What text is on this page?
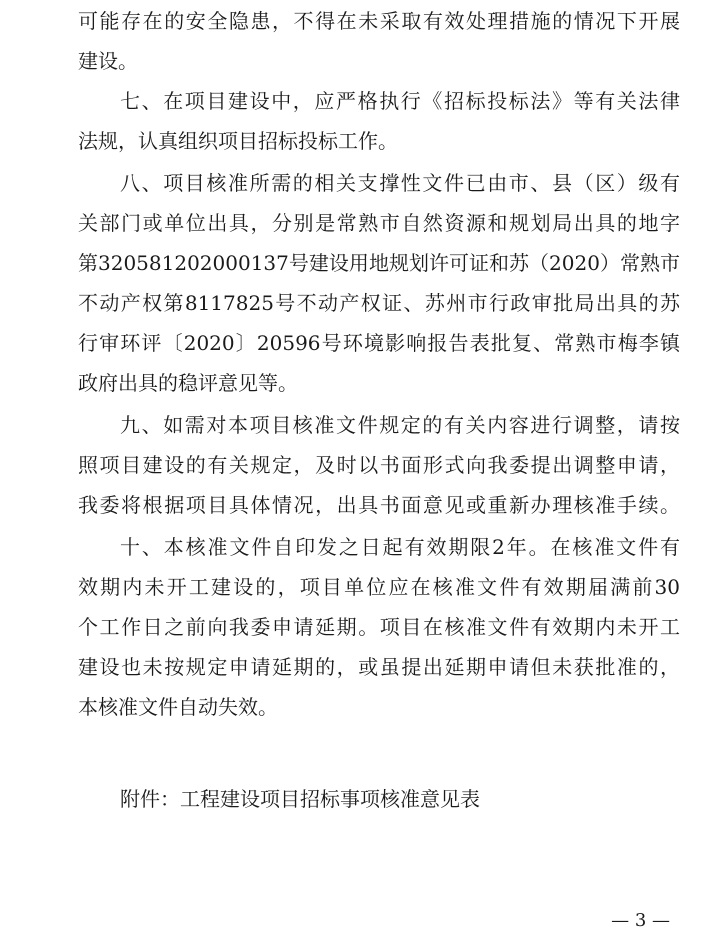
可能存在的安全隐患，不得在未采取有效处理措施的情况下开展
建设。
七、在项目建设中，应严格执行《招标投标法》等有关法律
法规，认真组织项目招标投标工作。
八、项目核准所需的相关支撑性文件已由市、县（区）级有
关部门或单位出具，分别是常熟市自然资源和规划局出具的地字
第320581202000137号建设用地规划许可证和苏（2020）常熟市
不动产权第8117825号不动产权证、苏州市行政审批局出具的苏
行审环评〔2020〕20596号环境影响报告表批复、常熟市梅李镇
政府出具的稳评意见等。
九、如需对本项目核准文件规定的有关内容进行调整，请按
照项目建设的有关规定，及时以书面形式向我委提出调整申请，
我委将根据项目具体情况，出具书面意见或重新办理核准手续。
十、本核准文件自印发之日起有效期限2年。在核准文件有
效期内未开工建设的，项目单位应在核准文件有效期届满前30
个工作日之前向我委申请延期。项目在核准文件有效期内未开工
建设也未按规定申请延期的，或虽提出延期申请但未获批准的，
本核准文件自动失效。
附件：工程建设项目招标事项核准意见表
— 3 —
